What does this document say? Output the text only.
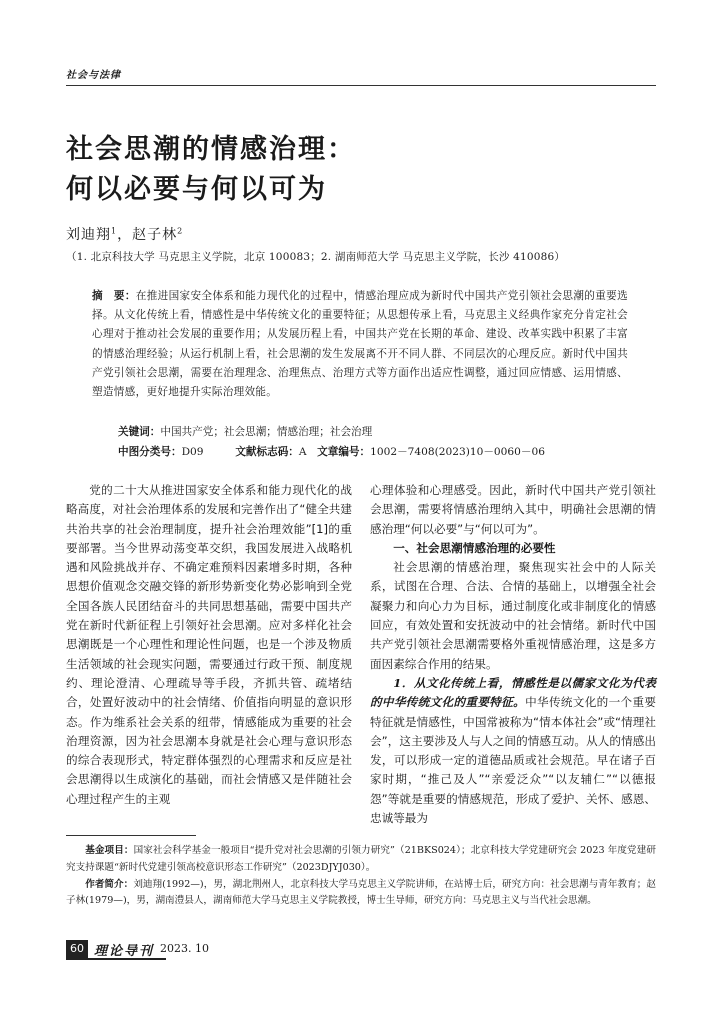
社会与法律
社会思潮的情感治理：
何以必要与何以可为
刘迪翔$^1$，赵子林$^2$
（1. 北京科技大学 马克思主义学院，北京 100083；2. 湖南师范大学 马克思主义学院，长沙 410086）
摘　要：在推进国家安全体系和能力现代化的过程中，情感治理应成为新时代中国共产党引领社会思潮的重要选择。从文化传统上看，情感性是中华传统文化的重要特征；从思想传承上看，马克思主义经典作家充分肯定社会心理对于推动社会发展的重要作用；从发展历程上看，中国共产党在长期的革命、建设、改革实践中积累了丰富的情感治理经验；从运行机制上看，社会思潮的发生发展离不开不同人群、不同层次的心理反应。新时代中国共产党引领社会思潮，需要在治理理念、治理焦点、治理方式等方面作出适应性调整，通过回应情感、运用情感、塑造情感，更好地提升实际治理效能。
关键词：中国共产党；社会思潮；情感治理；社会治理
中图分类号：D09　　　	文献标志码：A　 文章编号：1002－7408(2023)10－0060－06

党的二十大从推进国家安全体系和能力现代化的战略高度，对社会治理体系的发展和完善作出了“健全共建共治共享的社会治理制度，提升社会治理效能”[1]的重要部署。当今世界动荡变革交织，我国发展进入战略机遇和风险挑战并存、不确定难预料因素增多时期，各种思想价值观念交融交锋的新形势新变化势必影响到全党全国各族人民团结奋斗的共同思想基础，需要中国共产党在新时代新征程上引领好社会思潮。应对多样化社会思潮既是一个心理性和理论性问题，也是一个涉及物质生活领域的社会现实问题，需要通过行政干预、制度规约、理论澄清、心理疏导等手段，齐抓共管、疏堵结合，处置好波动中的社会情绪、价值指向明显的意识形态。作为维系社会关系的纽带，情感能成为重要的社会治理资源，因为社会思潮本身就是社会心理与意识形态的综合表现形式，特定群体强烈的心理需求和反应是社会思潮得以生成演化的基础，而社会情感又是伴随社会心理过程产生的主观

心理体验和心理感受。因此，新时代中国共产党引领社会思潮，需要将情感治理纳入其中，明确社会思潮的情感治理“何以必要”与“何以可为”。

一、社会思潮情感治理的必要性

社会思潮的情感治理，聚焦现实社会中的人际关系，试图在合理、合法、合情的基础上，以增强全社会凝聚力和向心力为目标，通过制度化或非制度化的情感回应，有效处置和安抚波动中的社会情绪。新时代中国共产党引领社会思潮需要格外重视情感治理，这是多方面因素综合作用的结果。

1．从文化传统上看，情感性是以儒家文化为代表的中华传统文化的重要特征。中华传统文化的一个重要特征就是情感性，中国常被称为“情本体社会”或“情理社会”，这主要涉及人与人之间的情感互动。从人的情感出发，可以形成一定的道德品质或社会规范。早在诸子百家时期，“推己及人”“亲爱泛众”“以友辅仁”“以德报怨”等就是重要的情感规范，形成了爱护、关怀、感恩、忠诚等最为

基金项目：国家社会科学基金一般项目“提升党对社会思潮的引领力研究”（21BKS024）；北京科技大学党建研究会 2023 年度党建研究支持课题“新时代党建引领高校意识形态工作研究”（2023DJYJ030）。

作者简介：刘迪翔(1992—)，男，湖北荆州人，北京科技大学马克思主义学院讲师，在站博士后，研究方向：社会思潮与青年教育；赵子林(1979—)，男，湖南澧县人，湖南师范大学马克思主义学院教授，博士生导师，研究方向：马克思主义与当代社会思潮。

60 理论导刊 2023. 10
